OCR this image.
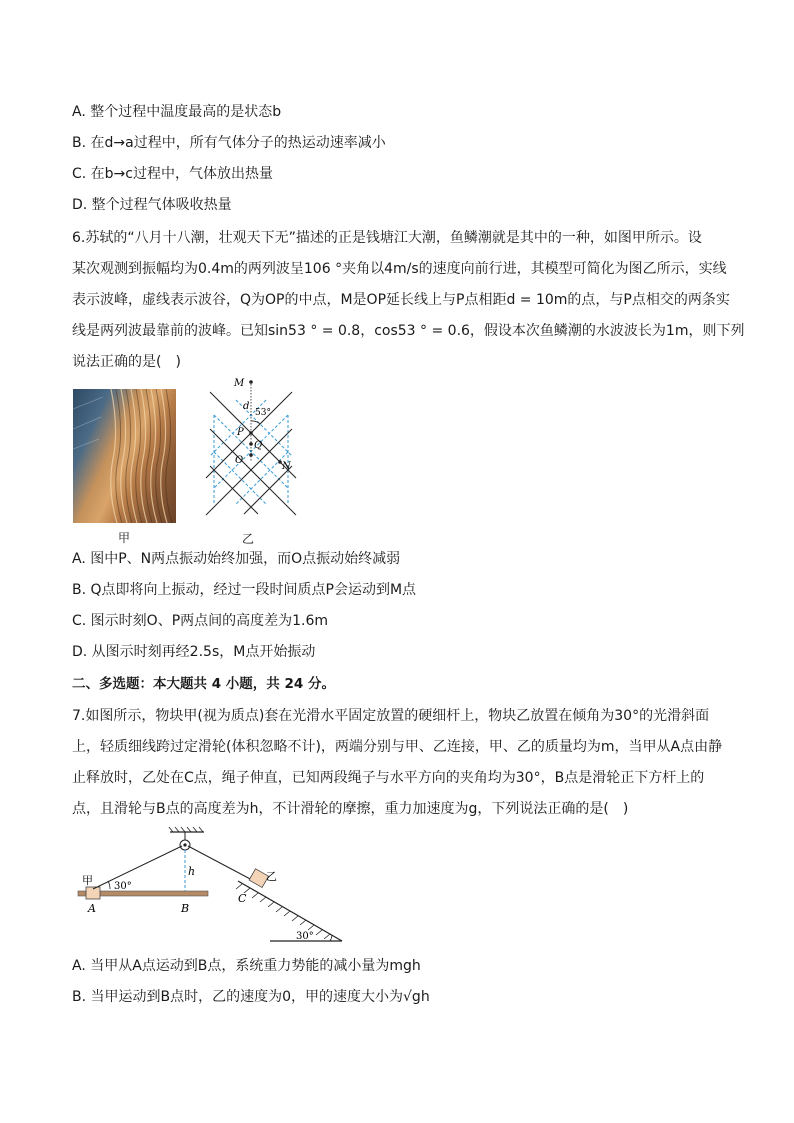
A. 整个过程中温度最高的是状态b
B. 在d→a过程中，所有气体分子的热运动速率减小
C. 在b→c过程中，气体放出热量
D. 整个过程气体吸收热量
6.苏轼的“八月十八潮，壮观天下无”描述的正是钱塘江大潮，鱼鳞潮就是其中的一种，如图甲所示。设
某次观测到振幅均为0.4m的两列波呈106 °夹角以4m/s的速度向前行进，其模型可简化为图乙所示，实线
表示波峰，虚线表示波谷，Q为OP的中点，M是OP延长线上与P点相距d = 10m的点，与P点相交的两条实
线是两列波最靠前的波峰。已知sin53 ° = 0.8，cos53 ° = 0.6，假设本次鱼鳞潮的水波波长为1m，则下列
说法正确的是(　)
甲
M
d
53°
P
Q
O
N
乙
A. 图中P、N两点振动始终加强，而O点振动始终减弱
B. Q点即将向上振动，经过一段时间质点P会运动到M点
C. 图示时刻O、P两点间的高度差为1.6m
D. 从图示时刻再经2.5s，M点开始振动
二、多选题：本大题共 4 小题，共 24 分。
7.如图所示，物块甲(视为质点)套在光滑水平固定放置的硬细杆上，物块乙放置在倾角为30°的光滑斜面
上，轻质细线跨过定滑轮(体积忽略不计)，两端分别与甲、乙连接，甲、乙的质量均为m，当甲从A点由静
止释放时，乙处在C点，绳子伸直，已知两段绳子与水平方向的夹角均为30°，B点是滑轮正下方杆上的
点，且滑轮与B点的高度差为h，不计滑轮的摩擦，重力加速度为g，下列说法正确的是(　)
甲 30°
A	B
h	乙
C
30°
A. 当甲从A点运动到B点，系统重力势能的减小量为mgh
B. 当甲运动到B点时，乙的速度为0，甲的速度大小为√gh
